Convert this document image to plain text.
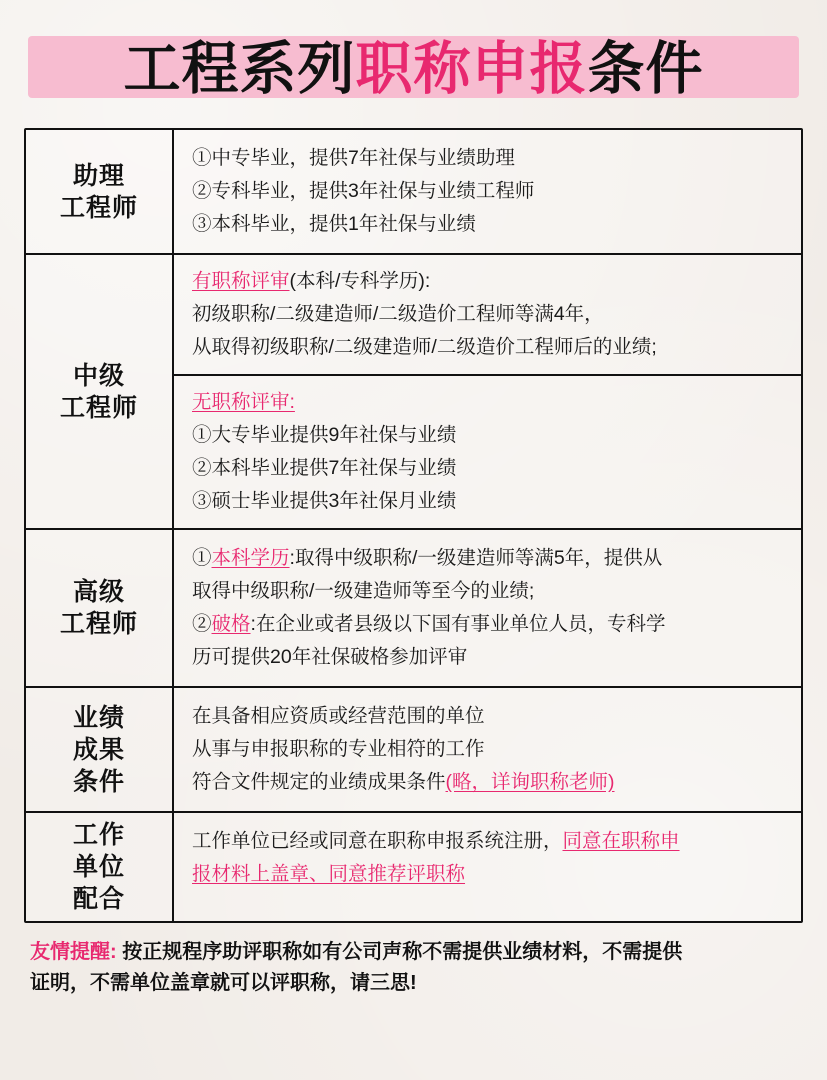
工程系列职称申报条件
助理
工程师

①中专毕业，提供7年社保与业绩助理

②专科毕业，提供3年社保与业绩工程师

③本科毕业，提供1年社保与业绩

中级
工程师

有职称评审(本科/专科学历):

初级职称/二级建造师/二级造价工程师等满4年，

从取得初级职称/二级建造师/二级造价工程师后的业绩;

无职称评审:

①大专毕业提供9年社保与业绩

②本科毕业提供7年社保与业绩

③硕士毕业提供3年社保月业绩

高级
工程师

①本科学历:取得中级职称/一级建造师等满5年，提供从

取得中级职称/一级建造师等至今的业绩;

②破格:在企业或者县级以下国有事业单位人员，专科学

历可提供20年社保破格参加评审

业绩
成果
条件

在具备相应资质或经营范围的单位

从事与申报职称的专业相符的工作

符合文件规定的业绩成果条件(略，详询职称老师)

工作
单位
配合

工作单位已经或同意在职称申报系统注册，同意在职称申

报材料上盖章、同意推荐评职称

友情提醒: 按正规程序助评职称如有公司声称不需提供业绩材料，不需提供
证明，不需单位盖章就可以评职称，请三思!
